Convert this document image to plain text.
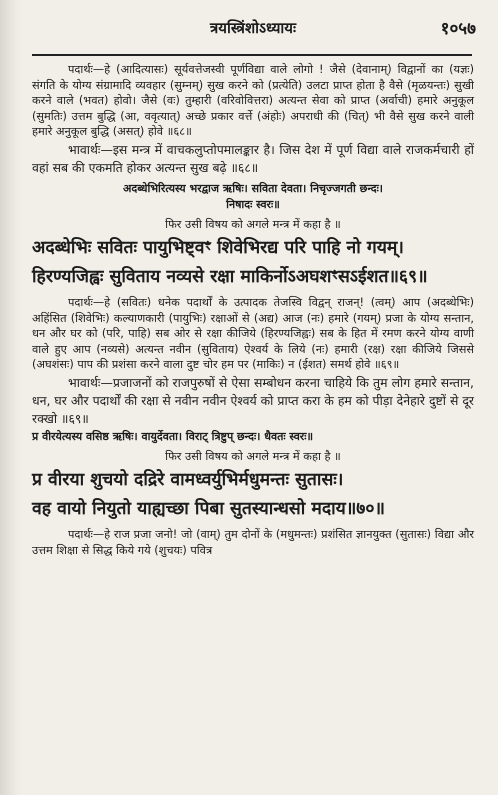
त्रयस्त्रिंशोऽध्यायः	१०५७

पदार्थः—हे (आदित्यासः) सूर्यवत्तेजस्वी पूर्णविद्या वाले लोगो ! जैसे (देवानाम्) विद्वानों का (यज्ञः) संगति के योग्य संग्रामादि व्यवहार (सुम्नम्) सुख करने को (प्रत्येति) उलटा प्राप्त होता है वैसे (मृळयन्तः) सुखी करने वाले (भवत) होवो। जैसे (वः) तुम्हारी (वरिवोवित्तरा) अत्यन्त सेवा को प्राप्त (अर्वाची) हमारे अनुकूल (सुमतिः) उत्तम बुद्धि (आ, ववृत्यात्) अच्छे प्रकार वर्त्ते (अंहोः) अपराधी की (चित्) भी वैसे सुख करने वाली हमारे अनुकूल बुद्धि (असत्) होवे ॥६८॥

भावार्थः—इस मन्त्र में वाचकलुप्तोपमालङ्कार है। जिस देश में पूर्ण विद्या वाले राजकर्मचारी हों वहां सब की एकमति होकर अत्यन्त सुख बढ़े ॥६८॥

अदब्धेभिरित्यस्य भरद्वाज ऋषिः। सविता देवता। निचृज्जगती छन्दः।
निषादः स्वरः॥
फिर उसी विषय को अगले मन्त्र में कहा है ॥

अदब्धेभिः सवितः पायुभिष्ट्वꣳ शिवेभिरद्य परि पाहि नो गयम्।

हिरण्यजिह्वः सुविताय नव्यसे रक्षा माकिर्नोऽअघशꣳसऽईशत॥६९॥

पदार्थः—हे (सवितः) धनेक पदार्थों के उत्पादक तेजस्वि विद्वन् राजन्! (त्वम्) आप (अदब्धेभिः) अहिंसित (शिवेभिः) कल्याणकारी (पायुभिः) रक्षाओं से (अद्य) आज (नः) हमारे (गयम्) प्रजा के योग्य सन्तान, धन और घर को (परि, पाहि) सब ओर से रक्षा कीजिये (हिरण्यजिह्वः) सब के हित में रमण करने योग्य वाणी वाले हुए आप (नव्यसे) अत्यन्त नवीन (सुविताय) ऐश्वर्य के लिये (नः) हमारी (रक्ष) रक्षा कीजिये जिससे (अघशंसः) पाप की प्रशंसा करने वाला दुष्ट चोर हम पर (माकिः) न (ईशत) समर्थ होवे ॥६९॥

भावार्थः—प्रजाजनों को राजपुरुषों से ऐसा सम्बोधन करना चाहिये कि तुम लोग हमारे सन्तान, धन, घर और पदार्थों की रक्षा से नवीन नवीन ऐश्वर्य को प्राप्त करा के हम को पीड़ा देनेहारे दुष्टों से दूर रक्खो ॥६९॥

प्र वीरयेत्यस्य वसिष्ठ ऋषिः। वायुर्देवता। विराट् त्रिष्टुप् छन्दः। धैवतः स्वरः॥
फिर उसी विषय को अगले मन्त्र में कहा है ॥

प्र वीरया शुचयो दद्रिरे वामध्वर्युभिर्मधुमन्तः सुतासः।

वह वायो नियुतो याह्यच्छा पिबा सुतस्यान्धसो मदाय॥७०॥

पदार्थः—हे राज प्रजा जनो! जो (वाम्) तुम दोनों के (मधुमन्तः) प्रशंसित ज्ञानयुक्त (सुतासः) विद्या और उत्तम शिक्षा से सिद्ध किये गये (शुचयः) पवित्र
